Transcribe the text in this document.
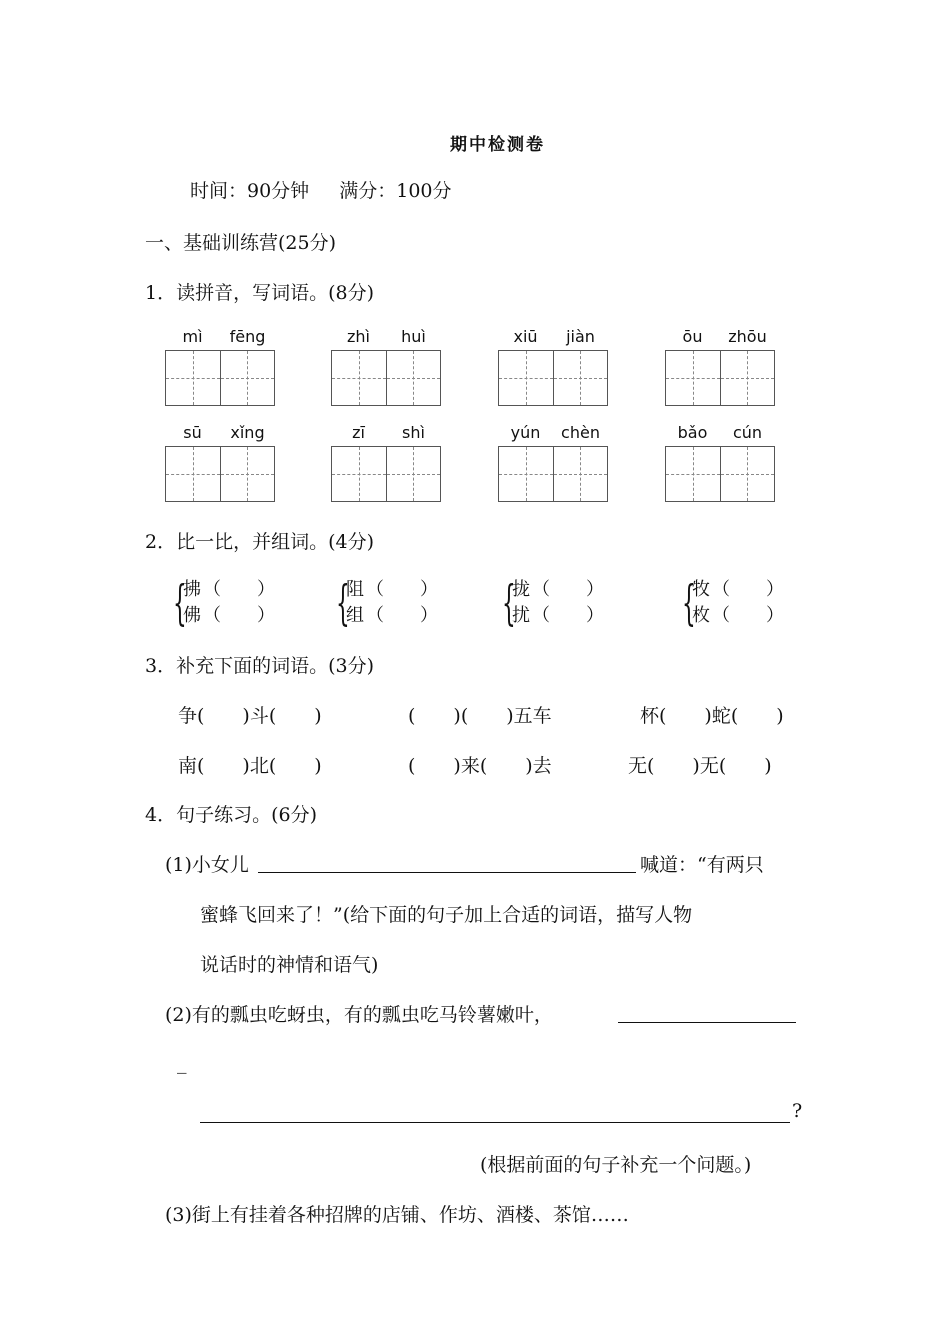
期中检测卷
时间：90分钟 满分：100分
一、基础训练营(25分)
1．读拼音，写词语。(8分)
mì fēng	zhì huì	xiū jiàn	ōu zhōu
sū xǐng	zī shì	yún chèn	bǎo cún
2．比一比，并组词。(4分)
{
拂 （　　）
佛 （　　） {
阻 （　　）
组 （　　） {
拢 （　　）
扰 （　　） {
牧 （　　）
枚 （　　）
3．补充下面的词语。(3分)
争(　　)斗(　　)	(　　)(　　)五车	杯(　　)蛇(　　)
南(　　)北(　　)	(　　)来(　　)去	无(　　)无(　　)
4．句子练习。(6分)
(1)小女儿	喊道：“有两只
蜜蜂飞回来了！”(给下面的句子加上合适的词语，描写人物
说话时的神情和语气)
(2)有的瓢虫吃蚜虫，有的瓢虫吃马铃薯嫩叶，
_
?
(根据前面的句子补充一个问题。)
(3)街上有挂着各种招牌的店铺、作坊、酒楼、茶馆……
